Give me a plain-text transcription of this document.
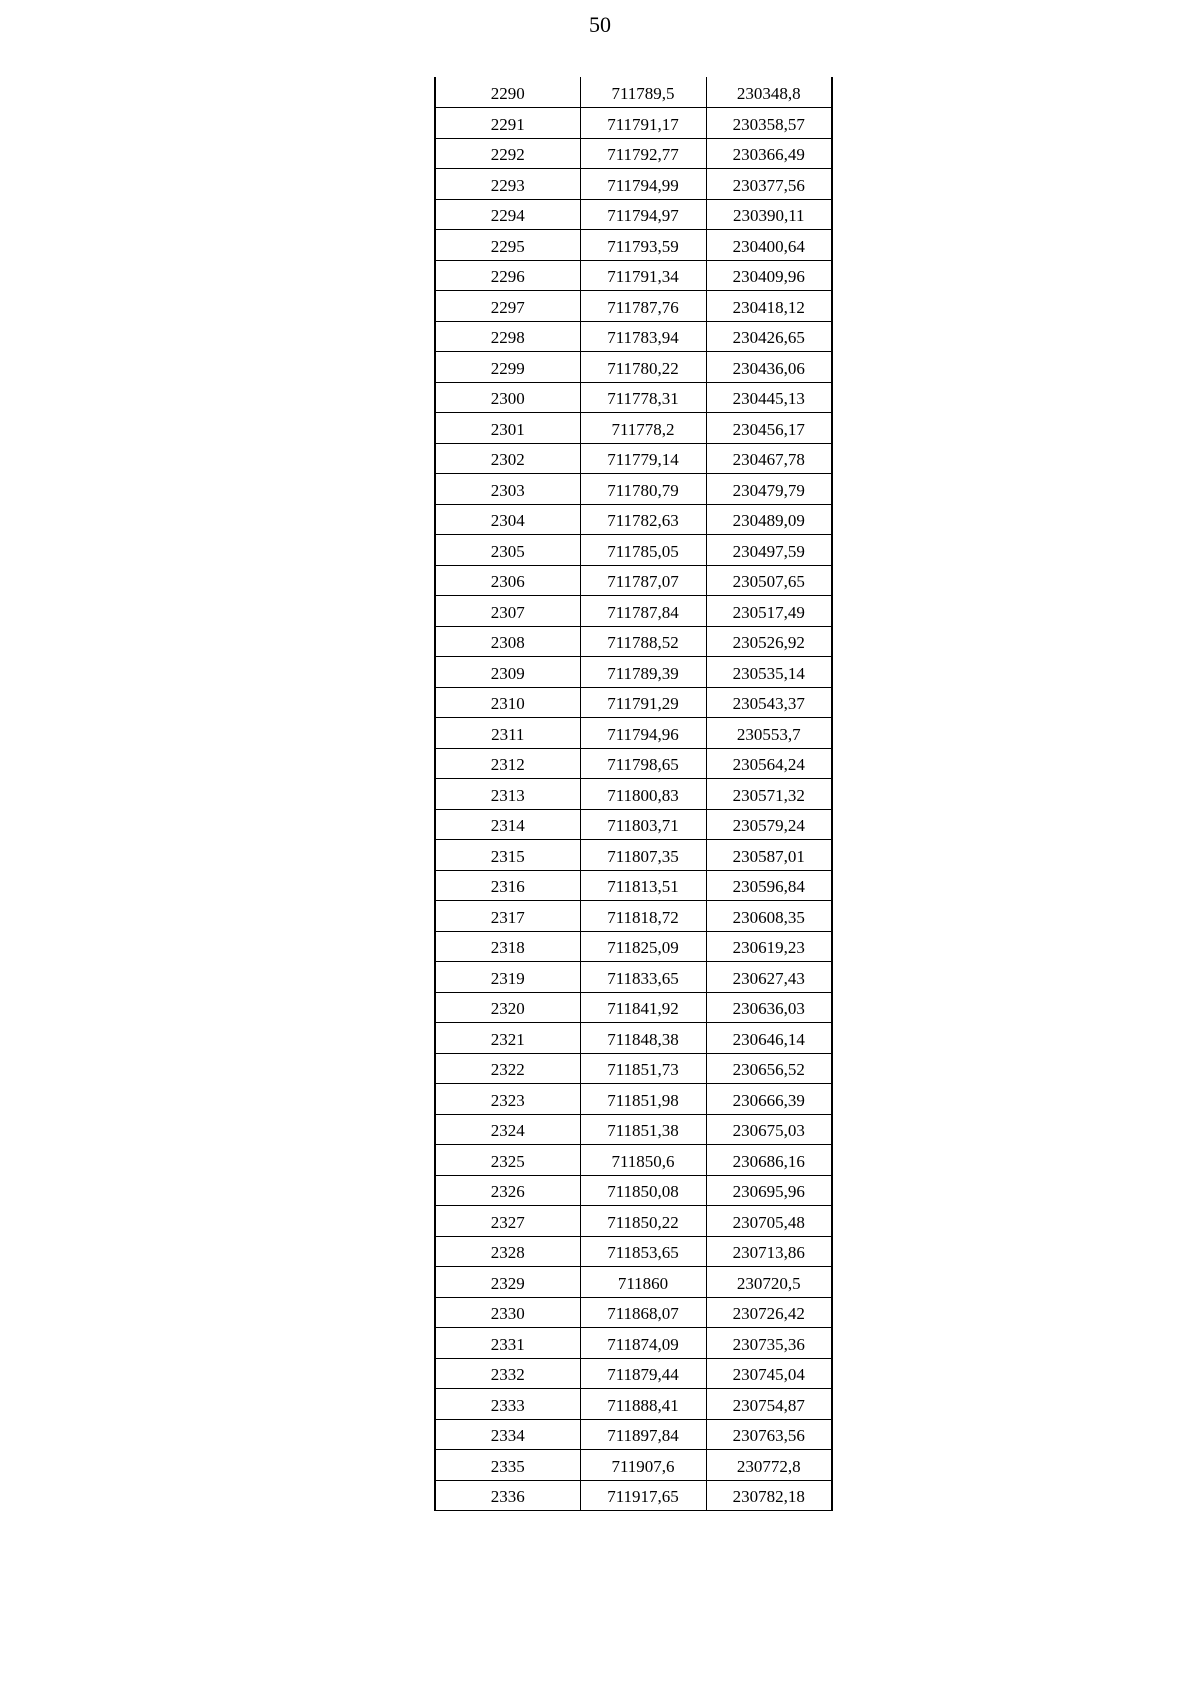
50
2290	711789,5	230348,8
2291	711791,17	230358,57
2292	711792,77	230366,49
2293	711794,99	230377,56
2294	711794,97	230390,11
2295	711793,59	230400,64
2296	711791,34	230409,96
2297	711787,76	230418,12
2298	711783,94	230426,65
2299	711780,22	230436,06
2300	711778,31	230445,13
2301	711778,2	230456,17
2302	711779,14	230467,78
2303	711780,79	230479,79
2304	711782,63	230489,09
2305	711785,05	230497,59
2306	711787,07	230507,65
2307	711787,84	230517,49
2308	711788,52	230526,92
2309	711789,39	230535,14
2310	711791,29	230543,37
2311	711794,96	230553,7
2312	711798,65	230564,24
2313	711800,83	230571,32
2314	711803,71	230579,24
2315	711807,35	230587,01
2316	711813,51	230596,84
2317	711818,72	230608,35
2318	711825,09	230619,23
2319	711833,65	230627,43
2320	711841,92	230636,03
2321	711848,38	230646,14
2322	711851,73	230656,52
2323	711851,98	230666,39
2324	711851,38	230675,03
2325	711850,6	230686,16
2326	711850,08	230695,96
2327	711850,22	230705,48
2328	711853,65	230713,86
2329	711860	230720,5
2330	711868,07	230726,42
2331	711874,09	230735,36
2332	711879,44	230745,04
2333	711888,41	230754,87
2334	711897,84	230763,56
2335	711907,6	230772,8
2336	711917,65	230782,18
